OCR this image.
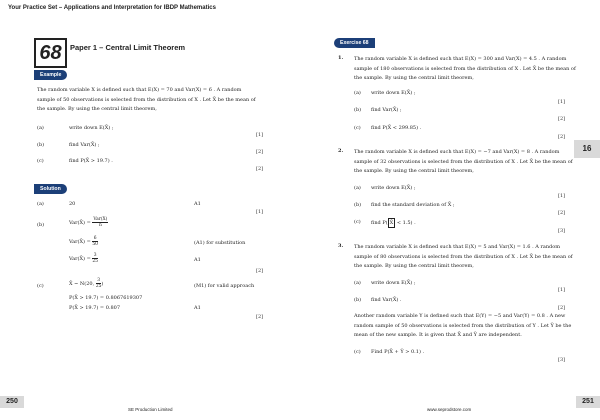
Your Practice Set – Applications and Interpretation for IBDP Mathematics
68	Paper 1 – Central Limit Theorem
Example
The random variable X is defined such that E(X) = 70 and Var(X) = 6 . A random
sample of 50 observations is selected from the distribution of X . Let X̄ be the mean of
the sample. By using the central limit theorem,
(a)	write down E(X̄) ;
[1]
(b)	find Var(X̄) ;
[2]
(c)	find P(X̄ > 19.7) .
[2]
Solution
(a)	20	A1
[1]
(b)	Var(X̄) = $\frac{\text{Var(X)}}{n}$
Var(X̄) = $\frac{6}{50}$	(A1) for substitution
Var(X̄) = $\frac{3}{25}$	A1
[2]
(c)	X̄ ~ N(20, $\frac{3}{25}$ )	(M1) for valid approach
P(X̄ > 19.7) = 0.8067619307
P(X̄ > 19.7) = 0.807	A1
[2]
Exercise 68
1. The random variable X is defined such that E(X) = 300 and Var(X) = 4.5 . A random
sample of 180 observations is selected from the distribution of X . Let X̄ be the mean of
the sample. By using the central limit theorem,
(a) write down E(X̄) ;
[1]
(b) find Var(X̄) ;
[2]
(c) find P(X̄ < 299.85) .
[2]
2. The random variable X is defined such that E(X) = −7 and Var(X) = 8 . A random
sample of 32 observations is selected from the distribution of X . Let X̄ be the mean of
the sample. By using the central limit theorem,
(a) write down E(X̄) ;
[1]
(b) find the standard deviation of X̄ ;
[2]
(c) find P( X̄ < 1.5) .
[3]
3. The random variable X is defined such that E(X) = 5 and Var(X) = 1.6 . A random
sample of 80 observations is selected from the distribution of X . Let X̄ be the mean of
the sample. By using the central limit theorem,
(a) write down E(X̄) ;
[1]
(b) find Var(X̄) .
[2]
Another random variable Y is defined such that E(Y) = −5 and Var(Y) = 0.8 . A new
random sample of 50 observations is selected from the distribution of Y . Let Ȳ be the
mean of the new sample. It is given that X̄ and Ȳ are independent.
(c) Find P(X̄ + Ȳ > 0.1) .
[3]
16
250	251
SE Production Limited	www.seprodstore.com
